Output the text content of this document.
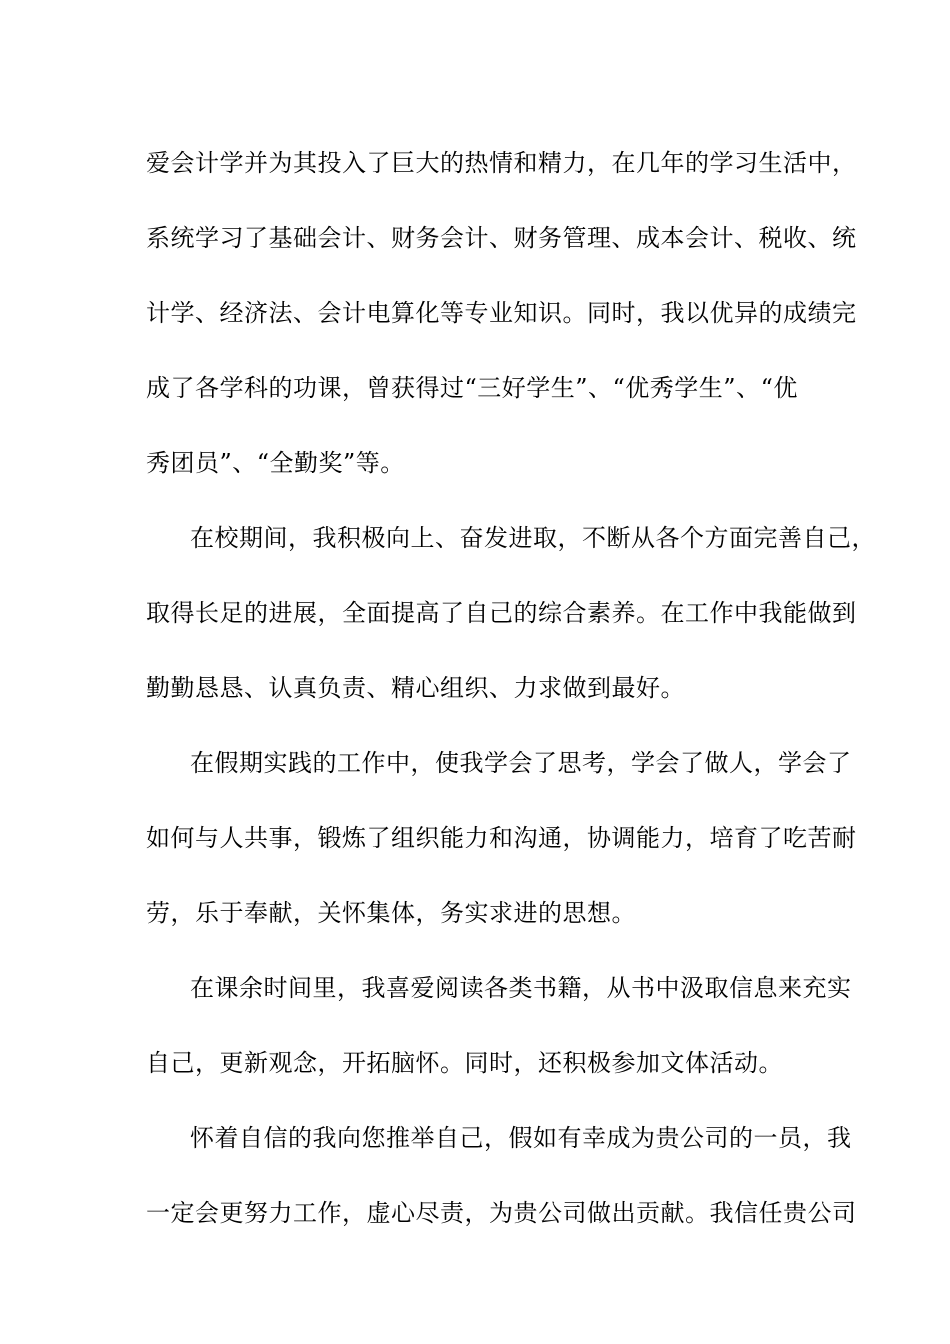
爱会计学并为其投入了巨大的热情和精力，在几年的学习生活中，
系统学习了基础会计、财务会计、财务管理、成本会计、税收、统
计学、经济法、会计电算化等专业知识。同时，我以优异的成绩完
成了各学科的功课，曾获得过“三好学生”、“优秀学生”、“优
秀团员”、“全勤奖”等。
在校期间，我积极向上、奋发进取，不断从各个方面完善自己，
取得长足的进展，全面提高了自己的综合素养。在工作中我能做到
勤勤恳恳、认真负责、精心组织、力求做到最好。
在假期实践的工作中，使我学会了思考，学会了做人，学会了
如何与人共事，锻炼了组织能力和沟通，协调能力，培育了吃苦耐
劳，乐于奉献，关怀集体，务实求进的思想。
在课余时间里，我喜爱阅读各类书籍，从书中汲取信息来充实
自己，更新观念，开拓脑怀。同时，还积极参加文体活动。
怀着自信的我向您推举自己，假如有幸成为贵公司的一员，我
一定会更努力工作，虚心尽责，为贵公司做出贡献。我信任贵公司
